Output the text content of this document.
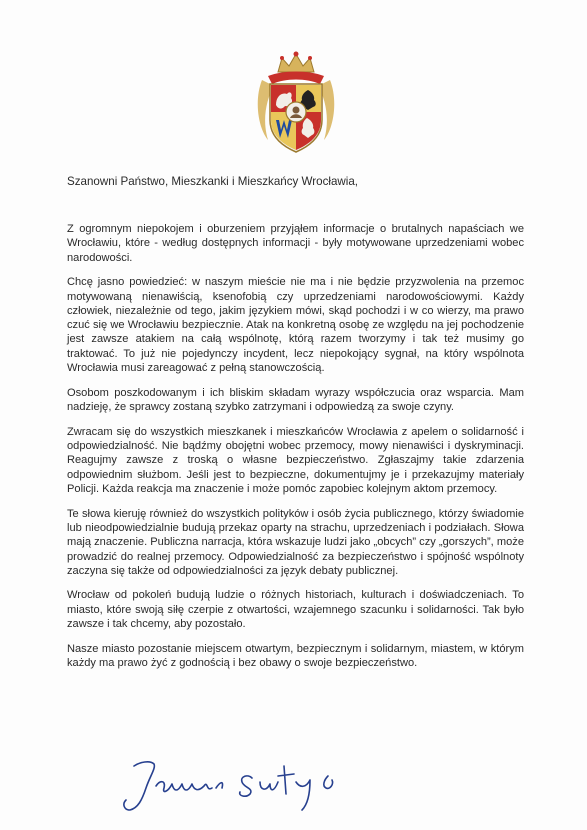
Szanowni Państwo, Mieszkanki i Mieszkańcy Wrocławia,

Z ogromnym niepokojem i oburzeniem przyjąłem informacje o brutalnych napaściach we Wrocławiu, które - według dostępnych informacji - były motywowane uprzedzeniami wobec narodowości.

Chcę jasno powiedzieć: w naszym mieście nie ma i nie będzie przyzwolenia na przemoc motywowaną nienawiścią, ksenofobią czy uprzedzeniami narodowościowymi. Każdy człowiek, niezależnie od tego, jakim językiem mówi, skąd pochodzi i w co wierzy, ma prawo czuć się we Wrocławiu bezpiecznie. Atak na konkretną osobę ze względu na jej pochodzenie jest zawsze atakiem na całą wspólnotę, którą razem tworzymy i tak też musimy go traktować. To już nie pojedynczy incydent, lecz niepokojący sygnał, na który wspólnota Wrocławia musi zareagować z pełną stanowczością.

Osobom poszkodowanym i ich bliskim składam wyrazy współczucia oraz wsparcia. Mam nadzieję, że sprawcy zostaną szybko zatrzymani i odpowiedzą za swoje czyny.

Zwracam się do wszystkich mieszkanek i mieszkańców Wrocławia z apelem o solidarność i odpowiedzialność. Nie bądźmy obojętni wobec przemocy, mowy nienawiści i dyskryminacji. Reagujmy zawsze z troską o własne bezpieczeństwo. Zgłaszajmy takie zdarzenia odpowiednim służbom. Jeśli jest to bezpieczne, dokumentujmy je i przekazujmy materiały Policji. Każda reakcja ma znaczenie i może pomóc zapobiec kolejnym aktom przemocy.

Te słowa kieruję również do wszystkich polityków i osób życia publicznego, którzy świadomie lub nieodpowiedzialnie budują przekaz oparty na strachu, uprzedzeniach i podziałach. Słowa mają znaczenie. Publiczna narracja, która wskazuje ludzi jako „obcych” czy „gorszych”, może prowadzić do realnej przemocy. Odpowiedzialność za bezpieczeństwo i spójność wspólnoty zaczyna się także od odpowiedzialności za język debaty publicznej.

Wrocław od pokoleń budują ludzie o różnych historiach, kulturach i doświadczeniach. To miasto, które swoją siłę czerpie z otwartości, wzajemnego szacunku i solidarności. Tak było zawsze i tak chcemy, aby pozostało.

Nasze miasto pozostanie miejscem otwartym, bezpiecznym i solidarnym, miastem, w którym każdy ma prawo żyć z godnością i bez obawy o swoje bezpieczeństwo.
